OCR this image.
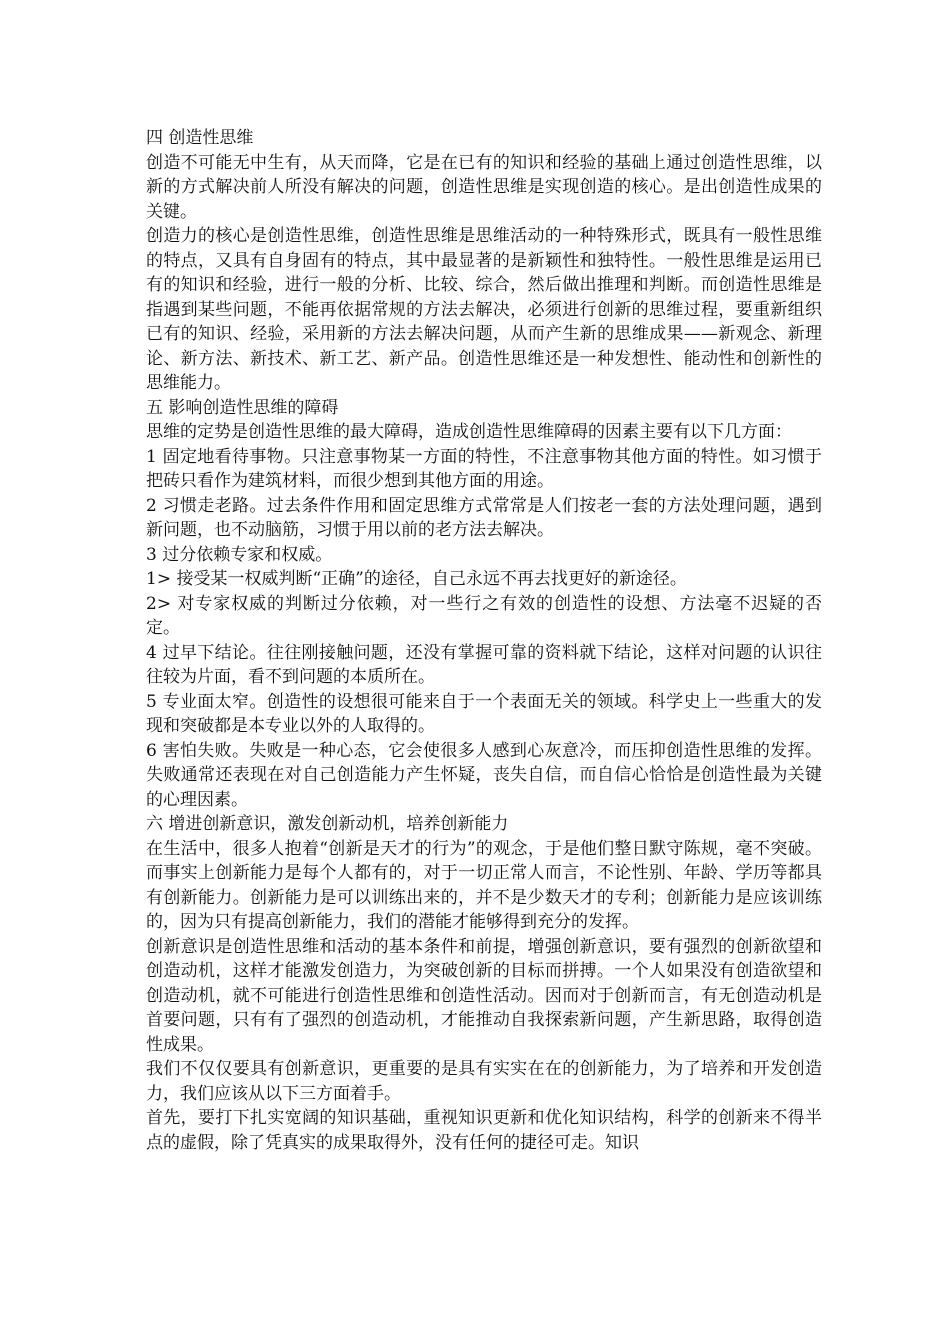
四 创造性思维

创造不可能无中生有，从天而降，它是在已有的知识和经验的基础上通过创造性思维，以新的方式解决前人所没有解决的问题，创造性思维是实现创造的核心。是出创造性成果的关键。

创造力的核心是创造性思维，创造性思维是思维活动的一种特殊形式，既具有一般性思维的特点，又具有自身固有的特点，其中最显著的是新颖性和独特性。一般性思维是运用已有的知识和经验，进行一般的分析、比较、综合，然后做出推理和判断。而创造性思维是指遇到某些问题，不能再依据常规的方法去解决，必须进行创新的思维过程，要重新组织已有的知识、经验，采用新的方法去解决问题，从而产生新的思维成果——新观念、新理论、新方法、新技术、新工艺、新产品。创造性思维还是一种发想性、能动性和创新性的思维能力。

五 影响创造性思维的障碍

思维的定势是创造性思维的最大障碍，造成创造性思维障碍的因素主要有以下几方面：

1 固定地看待事物。只注意事物某一方面的特性，不注意事物其他方面的特性。如习惯于把砖只看作为建筑材料，而很少想到其他方面的用途。

2 习惯走老路。过去条件作用和固定思维方式常常是人们按老一套的方法处理问题，遇到新问题，也不动脑筋，习惯于用以前的老方法去解决。

3 过分依赖专家和权威。

1> 接受某一权威判断“正确”的途径，自己永远不再去找更好的新途径。

2> 对专家权威的判断过分依赖，对一些行之有效的创造性的设想、方法毫不迟疑的否定。

4 过早下结论。往往刚接触问题，还没有掌握可靠的资料就下结论，这样对问题的认识往往较为片面，看不到问题的本质所在。

5 专业面太窄。创造性的设想很可能来自于一个表面无关的领域。科学史上一些重大的发现和突破都是本专业以外的人取得的。

6 害怕失败。失败是一种心态，它会使很多人感到心灰意冷，而压抑创造性思维的发挥。失败通常还表现在对自己创造能力产生怀疑，丧失自信，而自信心恰恰是创造性最为关键的心理因素。

六 增进创新意识，激发创新动机，培养创新能力

在生活中，很多人抱着“创新是天才的行为”的观念，于是他们整日默守陈规，毫不突破。而事实上创新能力是每个人都有的，对于一切正常人而言，不论性别、年龄、学历等都具有创新能力。创新能力是可以训练出来的，并不是少数天才的专利；创新能力是应该训练的，因为只有提高创新能力，我们的潜能才能够得到充分的发挥。

创新意识是创造性思维和活动的基本条件和前提，增强创新意识，要有强烈的创新欲望和创造动机，这样才能激发创造力，为突破创新的目标而拼搏。一个人如果没有创造欲望和创造动机，就不可能进行创造性思维和创造性活动。因而对于创新而言，有无创造动机是首要问题，只有有了强烈的创造动机，才能推动自我探索新问题，产生新思路，取得创造性成果。

我们不仅仅要具有创新意识，更重要的是具有实实在在的创新能力，为了培养和开发创造力，我们应该从以下三方面着手。

首先，要打下扎实宽阔的知识基础，重视知识更新和优化知识结构，科学的创新来不得半点的虚假，除了凭真实的成果取得外，没有任何的捷径可走。知识
